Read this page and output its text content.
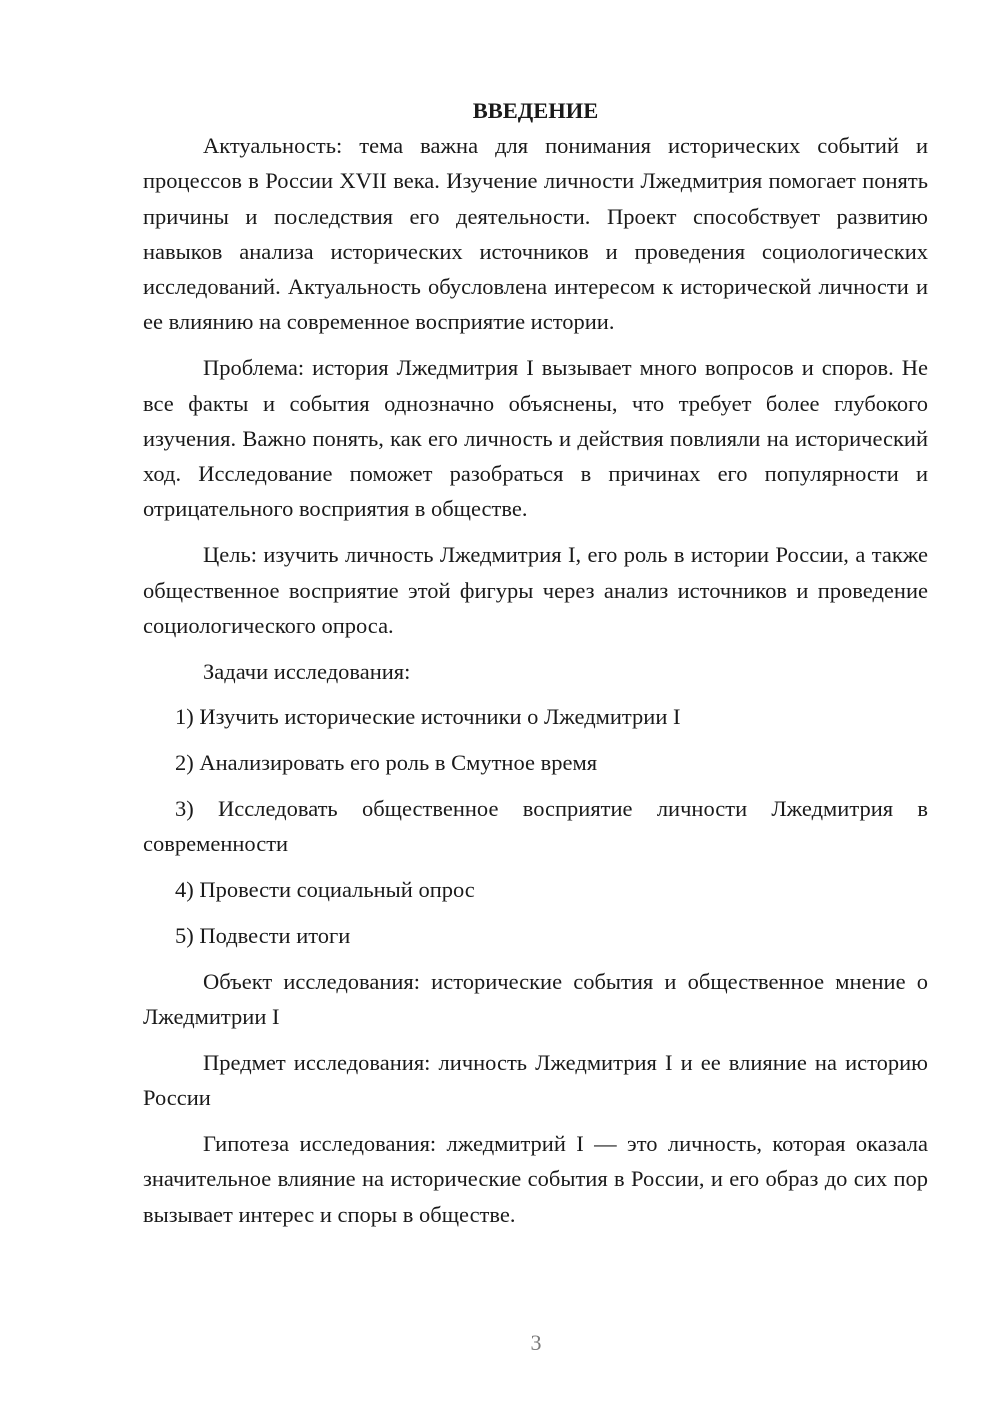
ВВЕДЕНИЕ

Актуальность: тема важна для понимания исторических событий и процессов в России XVII века. Изучение личности Лжедмитрия помогает понять причины и последствия его деятельности. Проект способствует развитию навыков анализа исторических источников и проведения социологических исследований. Актуальность обусловлена интересом к исторической личности и ее влиянию на современное восприятие истории.

Проблема: история Лжедмитрия I вызывает много вопросов и споров. Не все факты и события однозначно объяснены, что требует более глубокого изучения. Важно понять, как его личность и действия повлияли на исторический ход. Исследование поможет разобраться в причинах его популярности и отрицательного восприятия в обществе.

Цель: изучить личность Лжедмитрия I, его роль в истории России, а также общественное восприятие этой фигуры через анализ источников и проведение социологического опроса.

Задачи исследования:

1) Изучить исторические источники о Лжедмитрии I

2) Анализировать его роль в Смутное время

3) Исследовать общественное восприятие личности Лжедмитрия в современности

4) Провести социальный опрос

5) Подвести итоги

Объект исследования: исторические события и общественное мнение о Лжедмитрии I

Предмет исследования: личность Лжедмитрия I и ее влияние на историю России

Гипотеза исследования: лжедмитрий I — это личность, которая оказала значительное влияние на исторические события в России, и его образ до сих пор вызывает интерес и споры в обществе.

3
